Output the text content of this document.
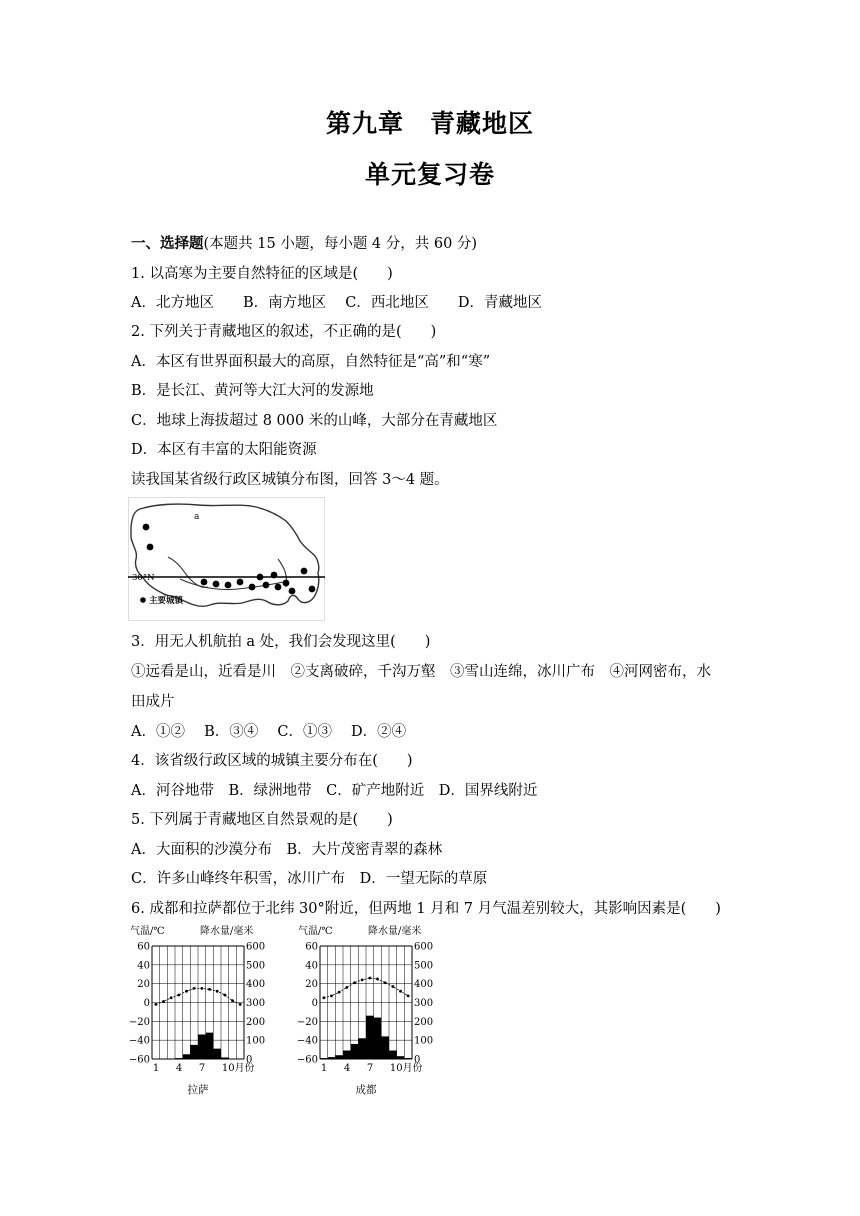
第九章　青藏地区
单元复习卷
一、选择题(本题共 15 小题，每小题 4 分，共 60 分)
1. 以高寒为主要自然特征的区域是(　　)
A．北方地区　　B．南方地区　 C．西北地区　　D．青藏地区
2. 下列关于青藏地区的叙述，不正确的是(　　)
A．本区有世界面积最大的高原，自然特征是“高”和“寒”
B．是长江、黄河等大江大河的发源地
C．地球上海拔超过 8 000 米的山峰，大部分在青藏地区
D．本区有丰富的太阳能资源
读我国某省级行政区城镇分布图，回答 3～4 题。
a
30°N
主要城镇
3．用无人机航拍 a 处，我们会发现这里(　　)
①远看是山，近看是川　②支离破碎，千沟万壑　③雪山连绵，冰川广布　④河网密布，水
田成片
A．①②　 B．③④　 C．①③　 D．②④
4．该省级行政区域的城镇主要分布在(　　)
A．河谷地带　B．绿洲地带　C．矿产地附近　D．国界线附近
5. 下列属于青藏地区自然景观的是(　　)
A．大面积的沙漠分布　B．大片茂密青翠的森林
C．许多山峰终年积雪，冰川广布　D．一望无际的草原
6. 成都和拉萨都位于北纬 30°附近，但两地 1 月和 7 月气温差别较大，其影响因素是(　　)
气温/℃	降水量/毫米
60	600
40	500
20	400
0	300
−20	200
−40	100
−60	0
1 4 7 10月份
拉萨
气温/℃	降水量/毫米
60	600
40	500
20	400
0	300
−20	200
−40	100
−60	0
1 4 7 10月份
成都
